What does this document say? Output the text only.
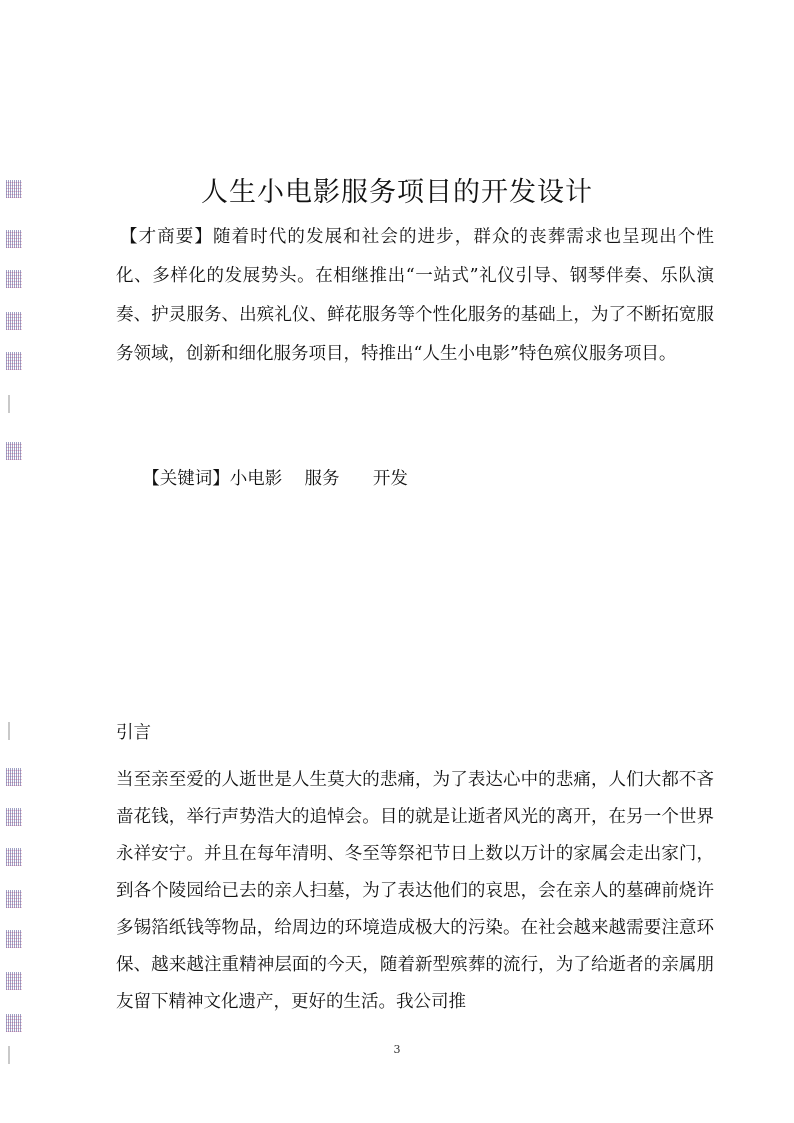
人生小电影服务项目的开发设计

【才商要】随着时代的发展和社会的进步，群众的丧葬需求也呈现出个性化、多样化的发展势头。在相继推出“一站式”礼仪引导、钢琴伴奏、乐队演奏、护灵服务、出殡礼仪、鲜花服务等个性化服务的基础上，为了不断拓宽服务领域，创新和细化服务项目，特推出“人生小电影”特色殡仪服务项目。

【关键词】小电影    服务      开发

引言

当至亲至爱的人逝世是人生莫大的悲痛，为了表达心中的悲痛，人们大都不吝啬花钱，举行声势浩大的追悼会。目的就是让逝者风光的离开，在另一个世界永祥安宁。并且在每年清明、冬至等祭祀节日上数以万计的家属会走出家门，到各个陵园给已去的亲人扫墓，为了表达他们的哀思，会在亲人的墓碑前烧许多锡箔纸钱等物品，给周边的环境造成极大的污染。在社会越来越需要注意环保、越来越注重精神层面的今天，随着新型殡葬的流行，为了给逝者的亲属朋友留下精神文化遗产，更好的生活。我公司推

3
